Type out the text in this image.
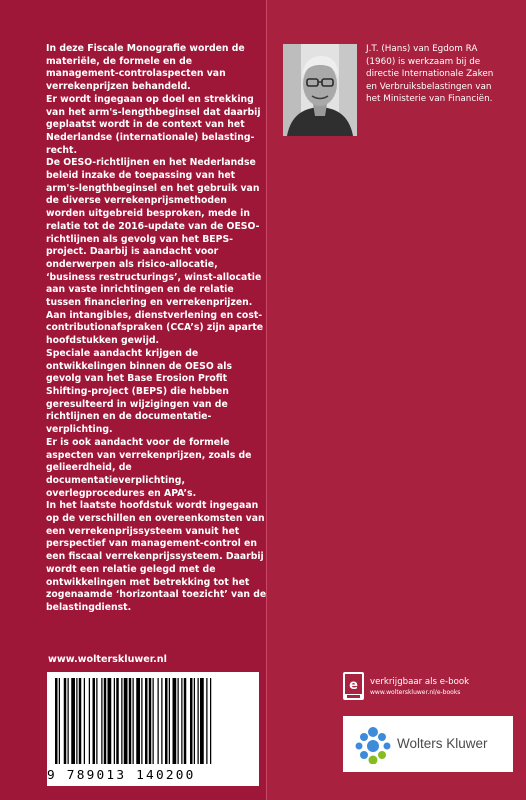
In deze Fiscale Monografie worden de materiële, de formele en de management-controlaspecten van verrekenprijzen behandeld.

Er wordt ingegaan op doel en strekking van het arm's-lengthbeginsel dat daarbij geplaatst wordt in de context van het Nederlandse (internationale) belasting-recht.

De OESO-richtlijnen en het Nederlandse beleid inzake de toepassing van het arm's-lengthbeginsel en het gebruik van de diverse verrekenprijsmethoden worden uitgebreid besproken, mede in relatie tot de 2016-update van de OESO-richtlijnen als gevolg van het BEPS-project. Daarbij is aandacht voor onderwerpen als risico-allocatie, ‘business restructurings’, winst-allocatie aan vaste inrichtingen en de relatie tussen financiering en verrekenprijzen.

Aan intangibles, dienstverlening en cost-contributionafspraken (CCA’s) zijn aparte hoofdstukken gewijd.

Speciale aandacht krijgen de ontwikkelingen binnen de OESO als gevolg van het Base Erosion Profit Shifting-project (BEPS) die hebben geresulteerd in wijzigingen van de richtlijnen en de documentatie-verplichting.

Er is ook aandacht voor de formele aspecten van verrekenprijzen, zoals de gelieerdheid, de documentatieverplichting, overlegprocedures en APA’s.

In het laatste hoofdstuk wordt ingegaan op de verschillen en overeenkomsten van een verrekenprijssysteem vanuit het perspectief van management-control en een fiscaal verrekenprijssysteem. Daarbij wordt een relatie gelegd met de ontwikkelingen met betrekking tot het zogenaamde ‘horizontaal toezicht’ van de belastingdienst.

J.T. (Hans) van Egdom RA (1960) is werkzaam bij de directie Internationale Zaken en Verbruiksbelastingen van het Ministerie van Financiën.
www.wolterskluwer.nl
9 789013 140200
e verkrijgbaar als e-book
www.wolterskluwer.nl/e-books
Wolters Kluwer
